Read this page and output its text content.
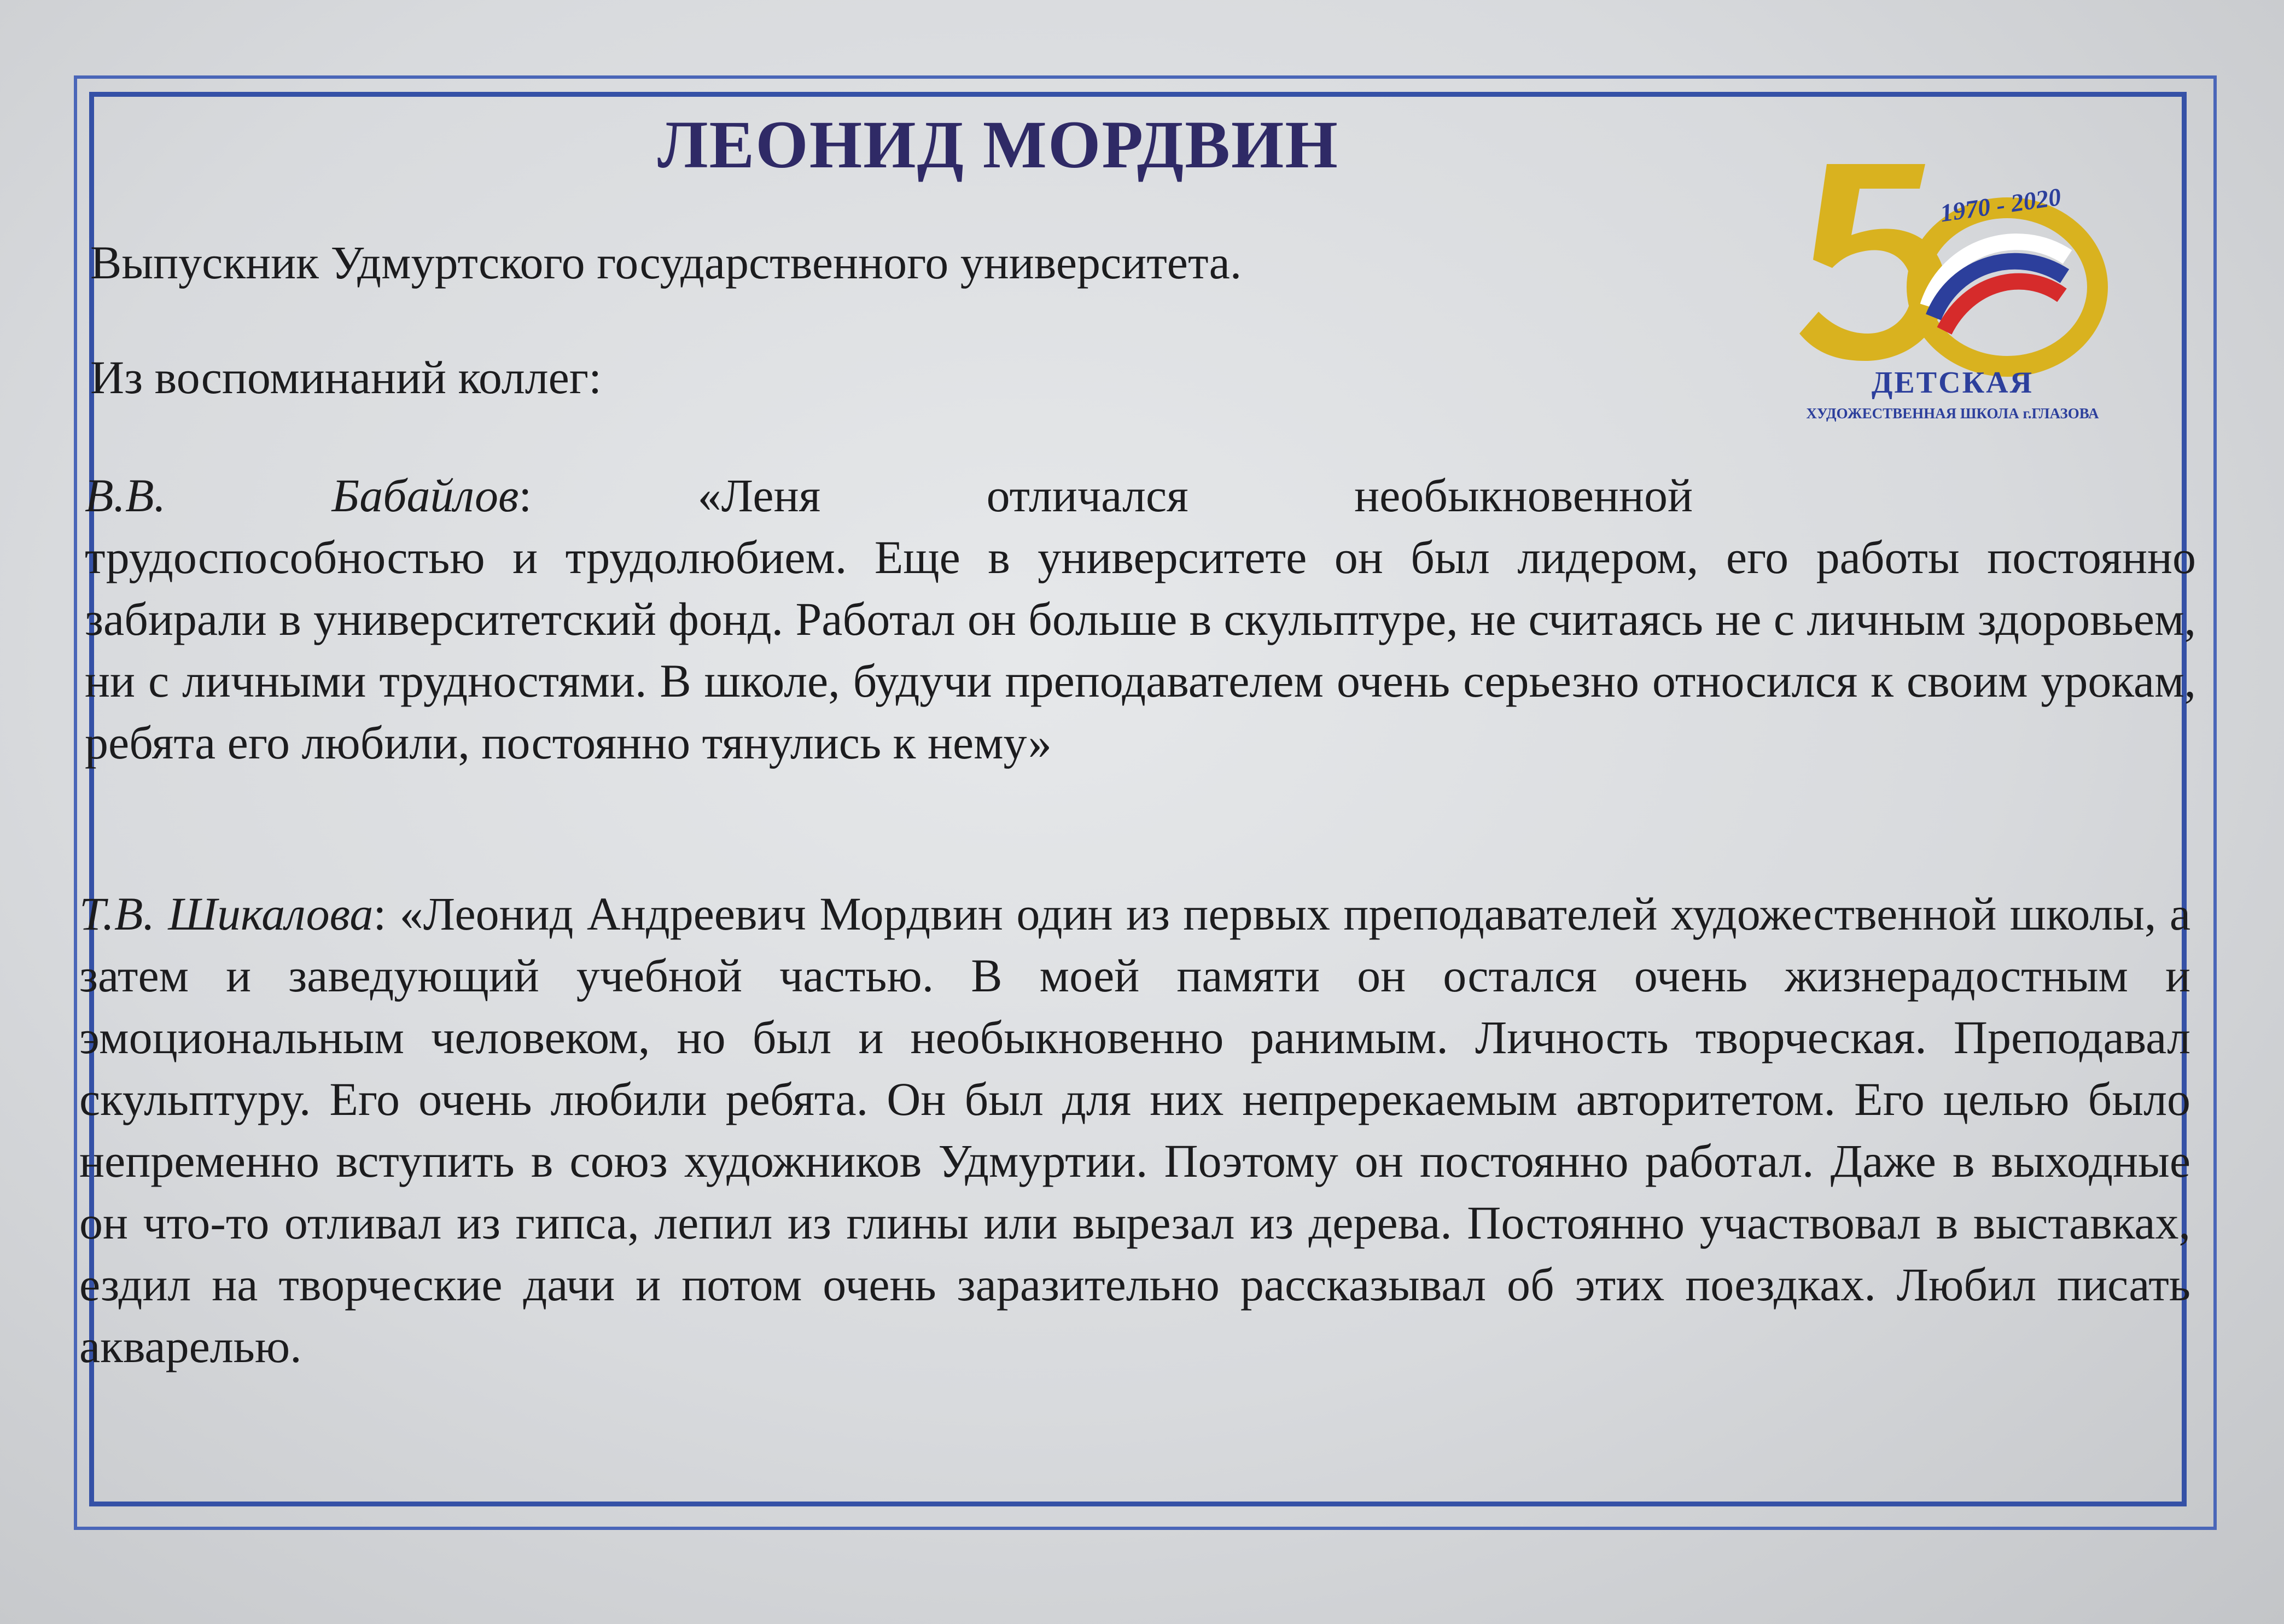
ЛЕОНИД МОРДВИН

Выпускник Удмуртского государственного университета.

Из воспоминаний коллег:

В.В. Бабайлов: «Леня отличался необыкновенной
трудоспособностью и трудолюбием. Еще в университете он был лидером, его работы постоянно забирали в университетский фонд. Работал он больше в скульптуре, не считаясь не с личным здоровьем, ни с личными трудностями. В школе, будучи преподавателем очень серьезно относился к своим урокам, ребята его любили, постоянно тянулись к нему»

Т.В. Шикалова: «Леонид Андреевич Мордвин один из первых преподавателей художественной школы, а затем и заведующий учебной частью. В моей памяти он остался очень жизнерадостным и эмоциональным человеком, но был и необыкновенно ранимым. Личность творческая. Преподавал скульптуру. Его очень любили ребята. Он был для них непререкаемым авторитетом. Его целью было непременно вступить в союз художников Удмуртии. Поэтому он постоянно работал. Даже в выходные он что-то отливал из гипса, лепил из глины или вырезал из дерева. Постоянно участвовал в выставках, ездил на творческие дачи и потом очень заразительно рассказывал об этих поездках. Любил писать акварелью.

1970 - 2020
ДЕТСКАЯ
ХУДОЖЕСТВЕННАЯ ШКОЛА г.ГЛАЗОВА
